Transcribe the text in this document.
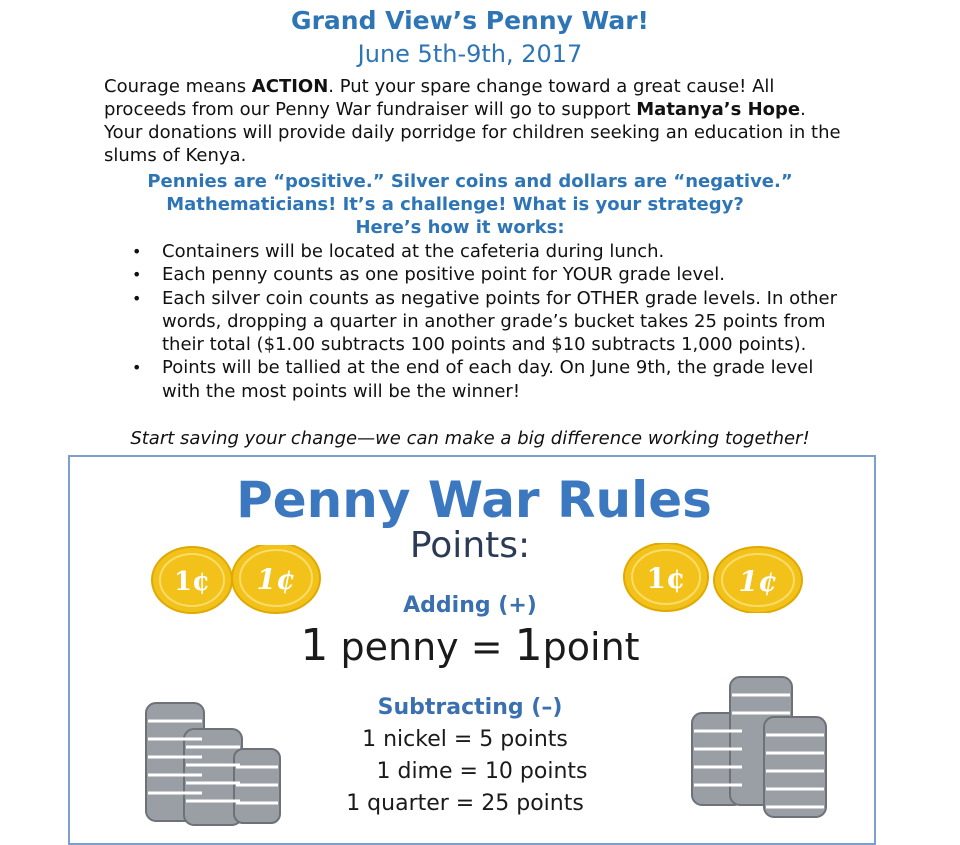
Grand View’s Penny War!
June 5th-9th, 2017
Courage means ACTION. Put your spare change toward a great cause! All proceeds from our Penny War fundraiser will go to support Matanya’s Hope. Your donations will provide daily porridge for children seeking an education in the slums of Kenya.
Pennies are “positive.” Silver coins and dollars are “negative.”
Mathematicians! It’s a challenge! What is your strategy?
Here’s how it works:
• Containers will be located at the cafeteria during lunch.
• Each penny counts as one positive point for YOUR grade level.
• Each silver coin counts as negative points for OTHER grade levels. In other words, dropping a quarter in another grade’s bucket takes 25 points from their total ($1.00 subtracts 100 points and $10 subtracts 1,000 points).
• Points will be tallied at the end of each day. On June 9th, the grade level with the most points will be the winner!
Start saving your change—we can make a big difference working together!
Penny War Rules
Points:
1¢ 1¢	1¢ 1¢
Adding (+)
1 penny = 1point
Subtracting (–)
1 nickel = 5 points
1 dime = 10 points
1 quarter = 25 points
